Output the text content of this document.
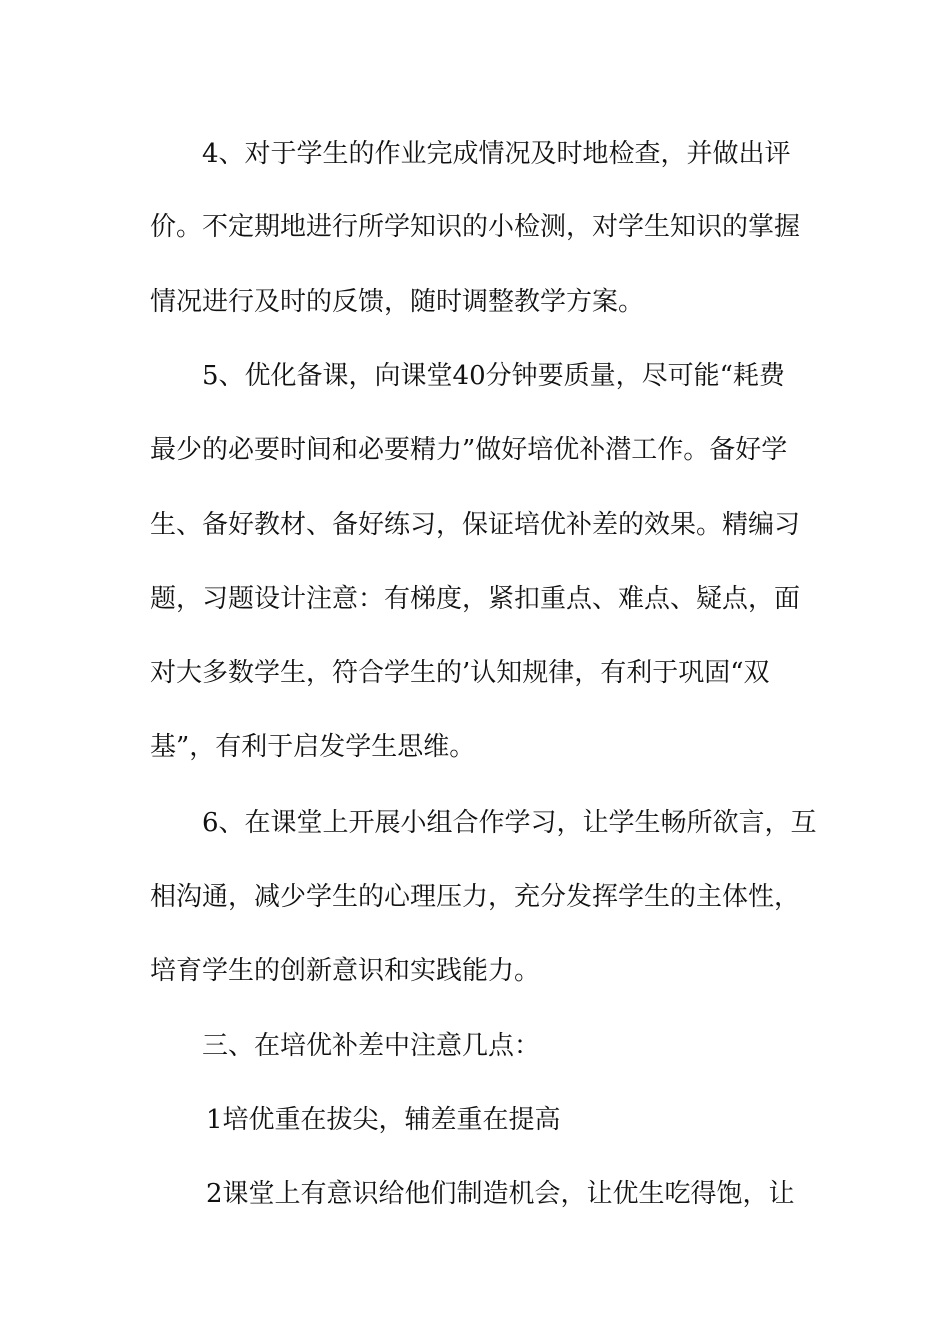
4、对于学生的作业完成情况及时地检查，并做出评
价。不定期地进行所学知识的小检测，对学生知识的掌握
情况进行及时的反馈，随时调整教学方案。
5、优化备课，向课堂40分钟要质量，尽可能“耗费
最少的必要时间和必要精力”做好培优补潜工作。备好学
生、备好教材、备好练习，保证培优补差的效果。精编习
题，习题设计注意：有梯度，紧扣重点、难点、疑点，面
对大多数学生，符合学生的’认知规律，有利于巩固“双
基”，有利于启发学生思维。
6、在课堂上开展小组合作学习，让学生畅所欲言，互
相沟通，减少学生的心理压力，充分发挥学生的主体性，
培育学生的创新意识和实践能力。
三、在培优补差中注意几点：
1培优重在拔尖，辅差重在提高
2课堂上有意识给他们制造机会，让优生吃得饱，让
